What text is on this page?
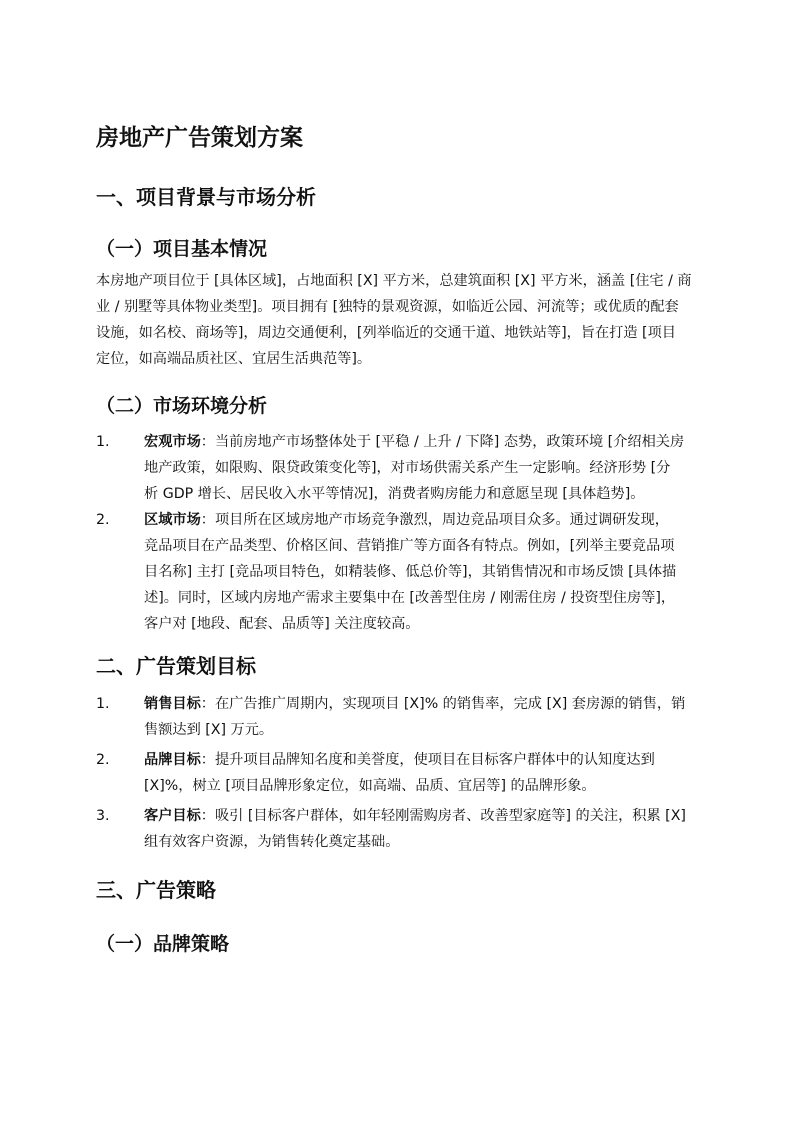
房地产广告策划方案
一、项目背景与市场分析
（一）项目基本情况
本房地产项目位于 [具体区域]，占地面积 [X] 平方米，总建筑面积 [X] 平方米，涵盖 [住宅 / 商
业 / 别墅等具体物业类型]。项目拥有 [独特的景观资源，如临近公园、河流等；或优质的配套
设施，如名校、商场等]，周边交通便利，[列举临近的交通干道、地铁站等]，旨在打造 [项目
定位，如高端品质社区、宜居生活典范等]。
（二）市场环境分析
1. 宏观市场：当前房地产市场整体处于 [平稳 / 上升 / 下降] 态势，政策环境 [介绍相关房
地产政策，如限购、限贷政策变化等]，对市场供需关系产生一定影响。经济形势 [分
析 GDP 增长、居民收入水平等情况]，消费者购房能力和意愿呈现 [具体趋势]。
2. 区域市场：项目所在区域房地产市场竞争激烈，周边竞品项目众多。通过调研发现，
竞品项目在产品类型、价格区间、营销推广等方面各有特点。例如，[列举主要竞品项
目名称] 主打 [竞品项目特色，如精装修、低总价等]，其销售情况和市场反馈 [具体描
述]。同时，区域内房地产需求主要集中在 [改善型住房 / 刚需住房 / 投资型住房等]，
客户对 [地段、配套、品质等] 关注度较高。
二、广告策划目标
1. 销售目标：在广告推广周期内，实现项目 [X]% 的销售率，完成 [X] 套房源的销售，销
售额达到 [X] 万元。
2. 品牌目标：提升项目品牌知名度和美誉度，使项目在目标客户群体中的认知度达到
[X]%，树立 [项目品牌形象定位，如高端、品质、宜居等] 的品牌形象。
3. 客户目标：吸引 [目标客户群体，如年轻刚需购房者、改善型家庭等] 的关注，积累 [X]
组有效客户资源，为销售转化奠定基础。
三、广告策略
（一）品牌策略
